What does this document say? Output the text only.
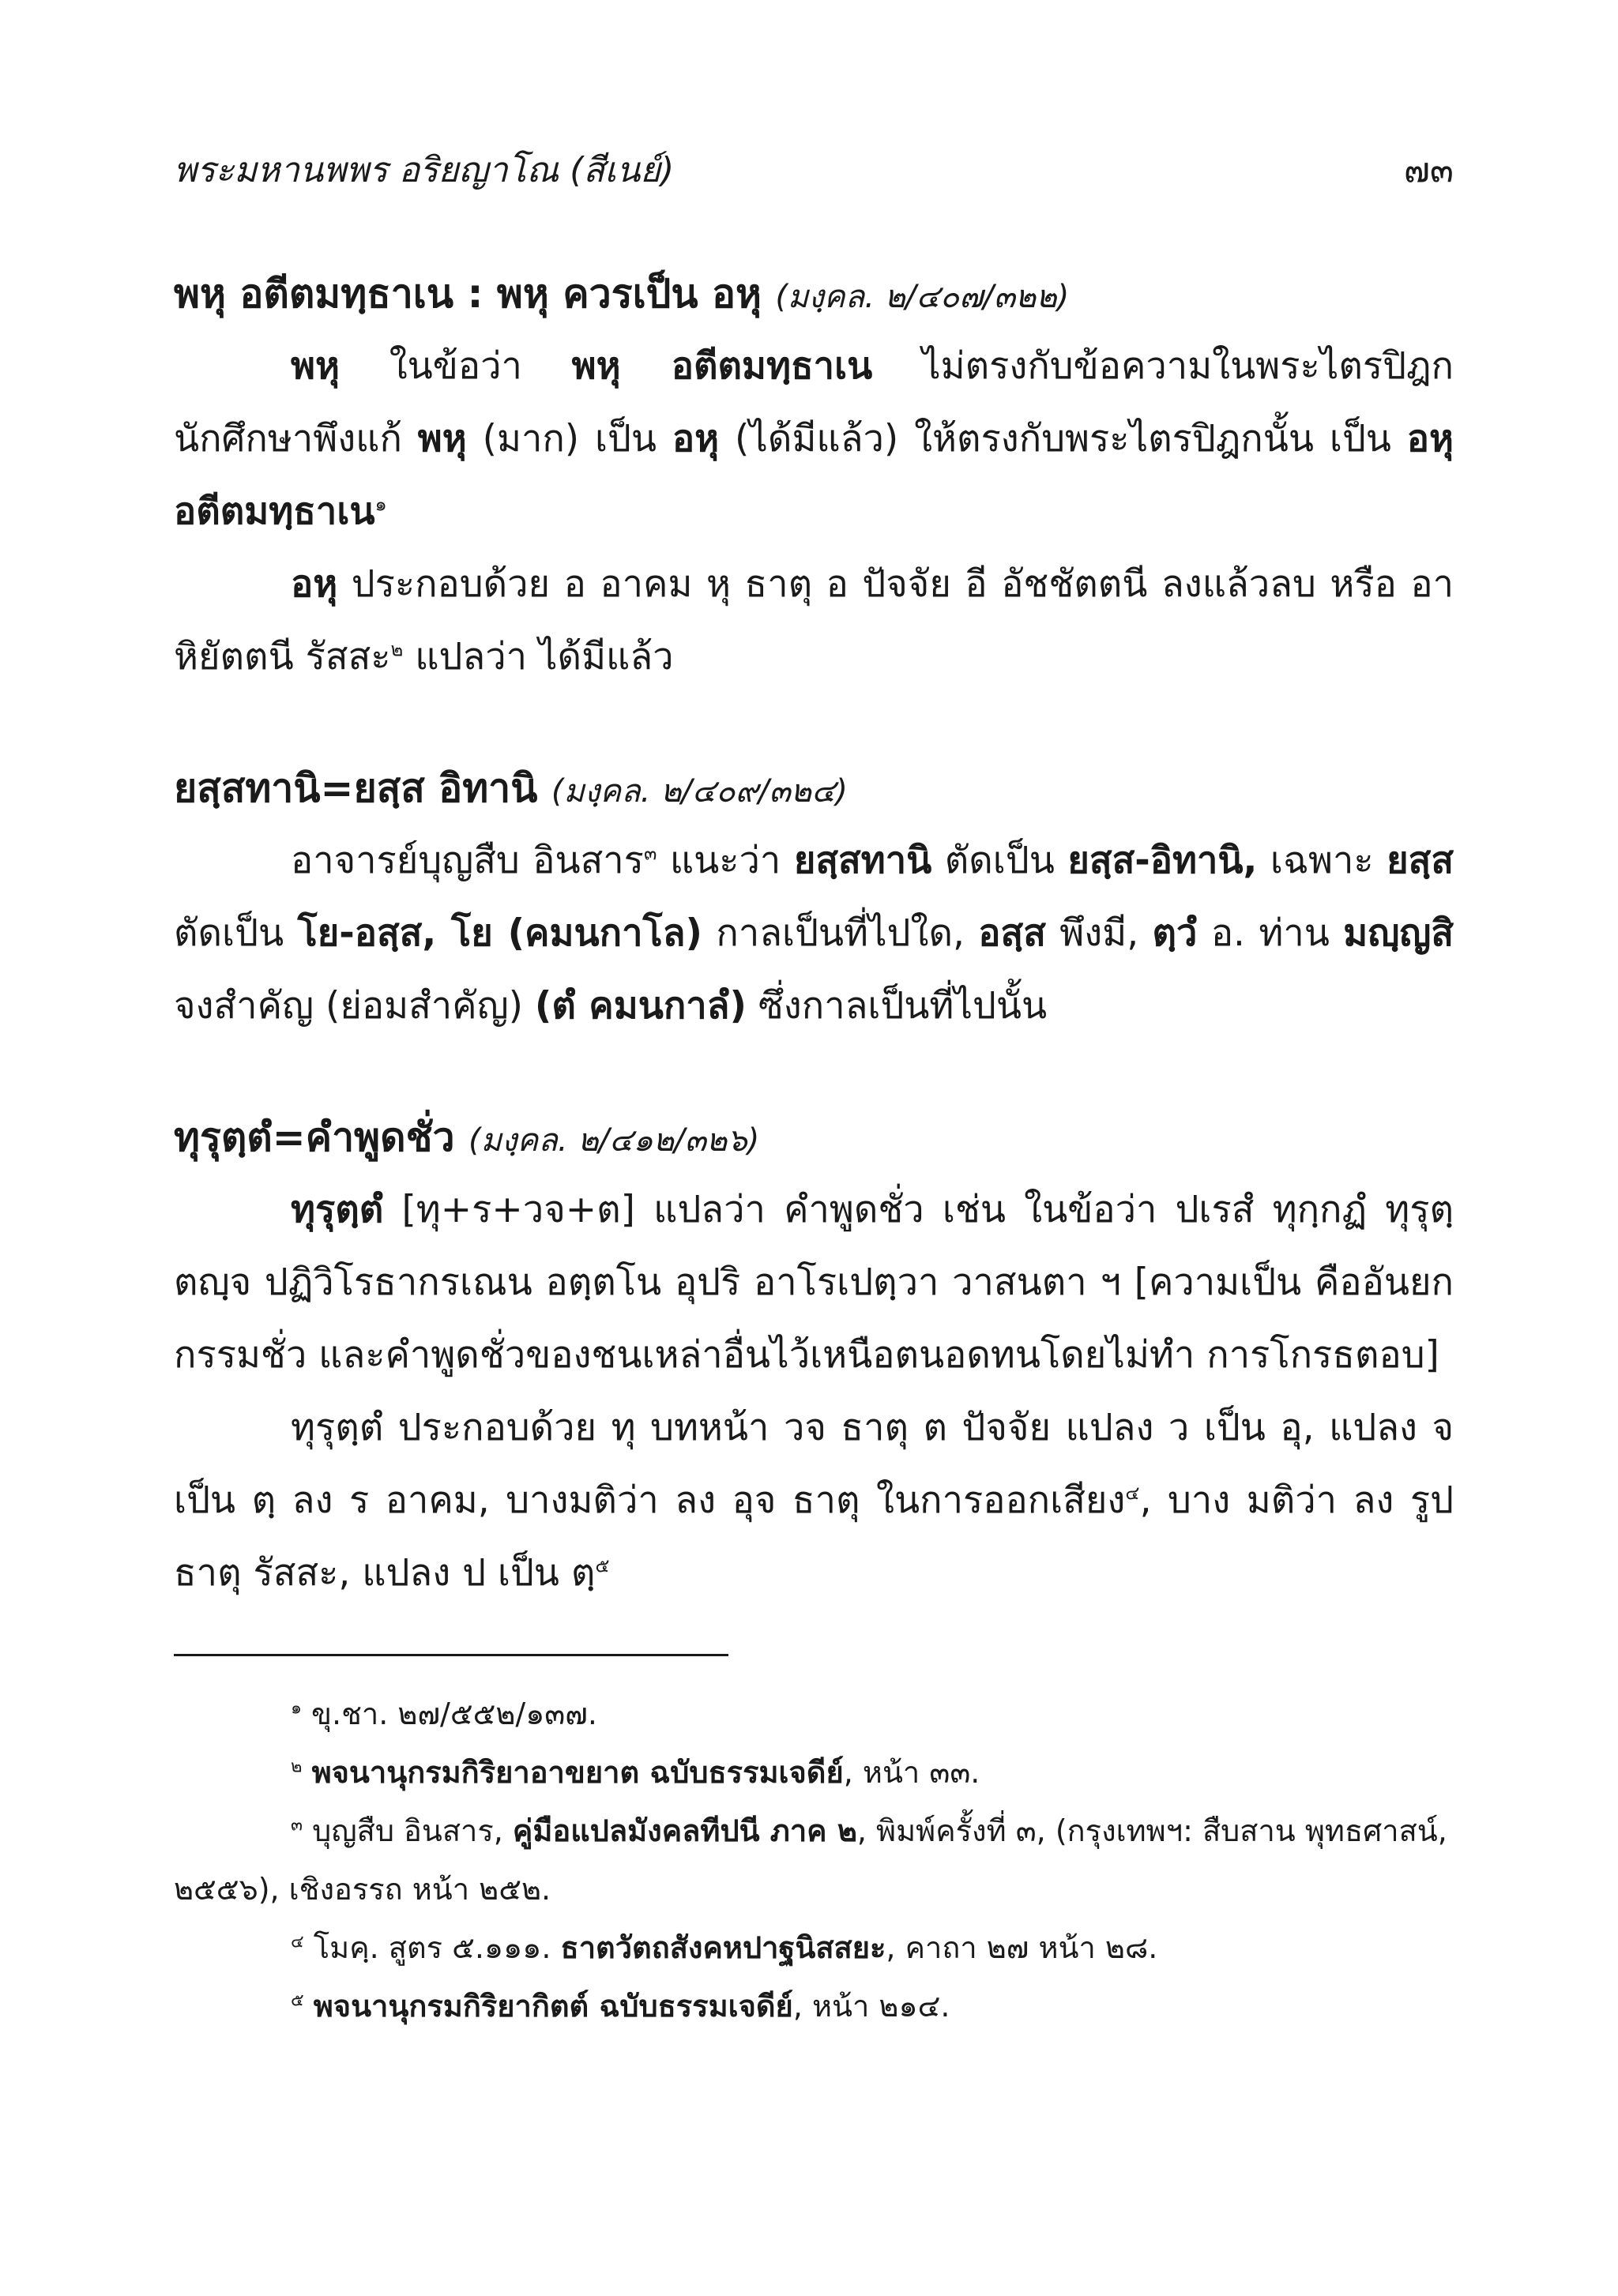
พระมหานพพร อริยญาโณ (สีเนย์)	๗๓
พหุ อตีตมทฺธาเน : พหุ ควรเป็น อหุ (มงฺคล. ๒/๔๐๗/๓๒๒)

พหุ ในข้อว่า พหุ อตีตมทฺธาเน ไม่ตรงกับข้อความในพระไตรปิฎก นักศึกษาพึงแก้ พหุ (มาก) เป็น อหุ (ได้มีแล้ว) ให้ตรงกับพระไตรปิฎกนั้น เป็น อหุ อตีตมทฺธาเน$^๑$

อหุ ประกอบด้วย อ อาคม หุ ธาตุ อ ปัจจัย อี อัชชัตตนี ลงแล้วลบ หรือ อา หิยัตตนี รัสสะ$^๒$ แปลว่า ได้มีแล้ว

ยสฺสทานิ=ยสฺส อิทานิ (มงฺคล. ๒/๔๐๙/๓๒๔)

อาจารย์บุญสืบ อินสาร$^๓$ แนะว่า ยสฺสทานิ ตัดเป็น ยสฺส-อิทานิ, เฉพาะ ยสฺส ตัดเป็น โย-อสฺส, โย (คมนกาโล) กาลเป็นที่ไปใด, อสฺส พึงมี, ตฺวํ อ. ท่าน มญฺญสิ จงสำคัญ (ย่อมสำคัญ) (ตํ คมนกาลํ) ซึ่งกาลเป็นที่ไปนั้น

ทุรุตฺตํ=คำพูดชั่ว (มงฺคล. ๒/๔๑๒/๓๒๖)

ทุรุตฺตํ [ทุ+ร+วจ+ต] แปลว่า คำพูดชั่ว เช่น ในข้อว่า ปเรสํ ทุกฺกฏํ ทุรุตฺตญฺจ ปฏิวิโรธากรเณน อตฺตโน อุปริ อาโรเปตฺวา วาสนตา ฯ [ความเป็น คืออันยกกรรมชั่ว และคำพูดชั่วของชนเหล่าอื่นไว้เหนือตนอดทนโดยไม่ทำ การโกรธตอบ]

ทุรุตฺตํ ประกอบด้วย ทุ บทหน้า วจ ธาตุ ต ปัจจัย แปลง ว เป็น อุ, แปลง จ เป็น ตฺ ลง ร อาคม, บางมติว่า ลง อุจ ธาตุ ในการออกเสียง$^๔$, บาง มติว่า ลง รูป ธาตุ รัสสะ, แปลง ป เป็น ตฺ$^๕$

$^๑$ ขุ.ชา. ๒๗/๕๕๒/๑๓๗.

$^๒$ พจนานุกรมกิริยาอาขยาต ฉบับธรรมเจดีย์, หน้า ๓๓.

$^๓$ บุญสืบ อินสาร, คู่มือแปลมังคลทีปนี ภาค ๒, พิมพ์ครั้งที่ ๓, (กรุงเทพฯ: สืบสาน พุทธศาสน์, ๒๕๕๖), เชิงอรรถ หน้า ๒๕๒.

$^๔$ โมคฺ. สูตร ๕.๑๑๑. ธาตวัตถสังคหปาฐนิสสยะ, คาถา ๒๗ หน้า ๒๘.

$^๕$ พจนานุกรมกิริยากิตต์ ฉบับธรรมเจดีย์, หน้า ๒๑๔.
